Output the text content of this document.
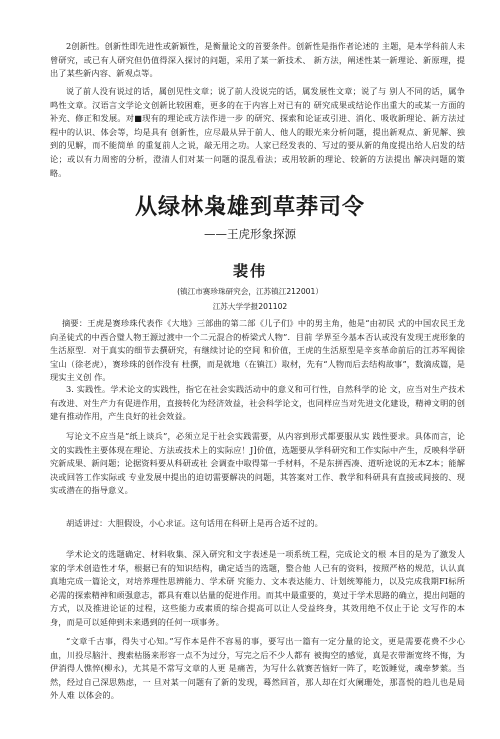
2创新性。创新性即先进性或新颖性，是衡量论文的首要条件。创新性是指作者论述的 主题，是本学科前人未曾研究，或已有人研究但仍值得深入探讨的问题，采用了某一新技术、 新方法，阐述性某一新理论、新原理，提出了某些新内容、新观点等。

说了前人没有说过的话，属创见性文章；说了前人没说完的话，属发展性文章；说了与 别人不同的话，属争鸣性文章。汉语言文学论文创新比较困难，更多的在于内容上对已有的 研究成果或结论作出重大的或某一方面的补充、修正和发展。对■现有的理论或方法作进一步 的研究、探索和论证或引进、消化、吸收新理论、新方法过程中的认识、体会等，均是具有 创新性，应尽最从异于前人、他人的眼光来分析问题，提出新观点、新见解、独到的见解，而不能简单 的重复前人之说，敲无用之功。人家已经发表的、写过的要从新的角度提出给人启发的结论；或以有力周密的分析，澄清人们对某一问题的混乱看法；或用较新的理论、较新的方法提出 解决问题的策略。

从绿林枭雄到草莽司令
——王虎形象探源
裴伟
(镇江市赛珍珠研究会，江苏镇江212001）
江苏大学学报201102

摘要：王虎是赛珍珠代表作《大地》三部曲的第二部《儿子们》中的男主角，他是“由初民 式的中国农民王龙向圣徒式的中西合璧人物王源过渡中一个二元混合的桥梁式人物”．目前 学界至今基本否认或没有发现王虎形象的生活原型．对于真实的细节去撰研究，有继续讨论的空间 和价值，王虎的生活原型是辛亥革命前后的江苏军阀徐宝山（徐老虎），赛珍珠的创作没有 杜撰，而是就地（在镇江）取材，先有“人物而后去结构故事”，数滴成篇，是现实主义创 作。

3. 实践性。学术论文的实践性，指它在社会实践活动中的意义和可行性，自然科学的论 文，应当对生产技术有改进、对生产力有促进作用，直接转化为经济效益，社会科学论文，也同样应当对先进文化建设，精神文明的创建有推动作用，产生良好的社会效益。

写论文不应当是“纸上谈兵”，必须立足于社会实践需要，从内容到形式都要服从实 践性要求。具体而言，论文的实践性主要体现在理论、方法或技术上的实际应！J]价值，选题要从学科研究和工作实际中产生，反映科学研究新成果、新问题；论据资料要从科研或社 会调查中取得第一手材料，不是东拼西凑、道听途说的无本Z本；能解决或回答工作实际或 专业发展中提出的迫切需要解决的问题，其答案对工作、教学和科研具有直接或间接的、现 实或潜在的指导意义。

胡适讲过：大胆假设，小心求证。这句话用在科研上是再合适不过的。

学术论文的选题确定、材料收集、深入研究和文字表述是一项系统工程，完成论文的根 本目的是为了激发人家的学术创造性才华，根据已有的知识结构，确定适当的选题，整合他 人已有的资料，按照严格的规范，认认真真地完成一篇论文，对培养理性思辨能力、学术研 究能力、文本表达能力、计划统筹能力，以及完成我期FI标所必需的探索精神和顽强意志，都具有难以估量的促进作用。而其中最重要的，莫过于学术思路的确立，提出问题的方式，以及推进论证的过程，这些能力或素质的综合提高可以让人受益终身，其效用绝不仅止于论 文写作的本身，而是可以延伸到未来遇到的任何一项事务。

“文章千古事，得失寸心知。”写作本是件不容易的事，要写出一篇有一定分量的论文，更是需要花费不少心血，川投尽脑汁、搜索枯肠来形容一点不为过分，写完之后不少人都有 被掏空的感觉，真是衣带渐宽终不悔，为伊消得人憔悴(柳永)，尤其是不常写文章的人更 是痛苦，为写什么就赛苦恼好一阵了，吃饭睡觉，魂牵梦萦。当然，经过自己深思熟虑，一 旦对某一问题有了新的发现，蓦然回首，那人却在灯火阑珊处，那喜悦的趋儿也是局外人难 以体会的。
